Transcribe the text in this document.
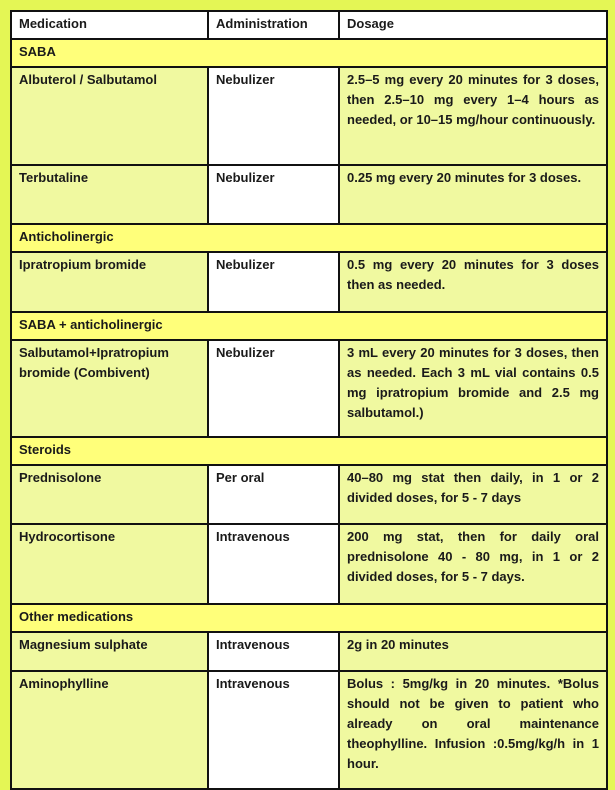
Medication	Administration	Dosage
SABA		
Albuterol / Salbutamol	Nebulizer	2.5–5 mg every 20 minutes for 3 doses, then 2.5–10 mg every 1–4 hours as needed, or 10–15 mg/hour continuously.
Terbutaline	Nebulizer	0.25 mg every 20 minutes for 3 doses.
Anticholinergic		
Ipratropium bromide	Nebulizer	0.5 mg every 20 minutes for 3 doses then as needed.
SABA + anticholinergic		
Salbutamol+Ipratropium bromide (Combivent)	Nebulizer	3 mL every 20 minutes for 3 doses, then as needed. Each 3 mL vial contains 0.5 mg ipratropium bromide and 2.5 mg salbutamol.)
Steroids		
Prednisolone	Per oral	40–80 mg stat then daily, in 1 or 2 divided doses, for 5 - 7 days
Hydrocortisone	Intravenous	200 mg stat, then for daily oral prednisolone 40 - 80 mg, in 1 or 2 divided doses, for 5 - 7 days.
Other medications		
Magnesium sulphate	Intravenous	2g in 20 minutes
Aminophylline	Intravenous	Bolus : 5mg/kg in 20 minutes. *Bolus should not be given to patient who already on oral maintenance theophylline. Infusion :0.5mg/kg/h in 1 hour.
